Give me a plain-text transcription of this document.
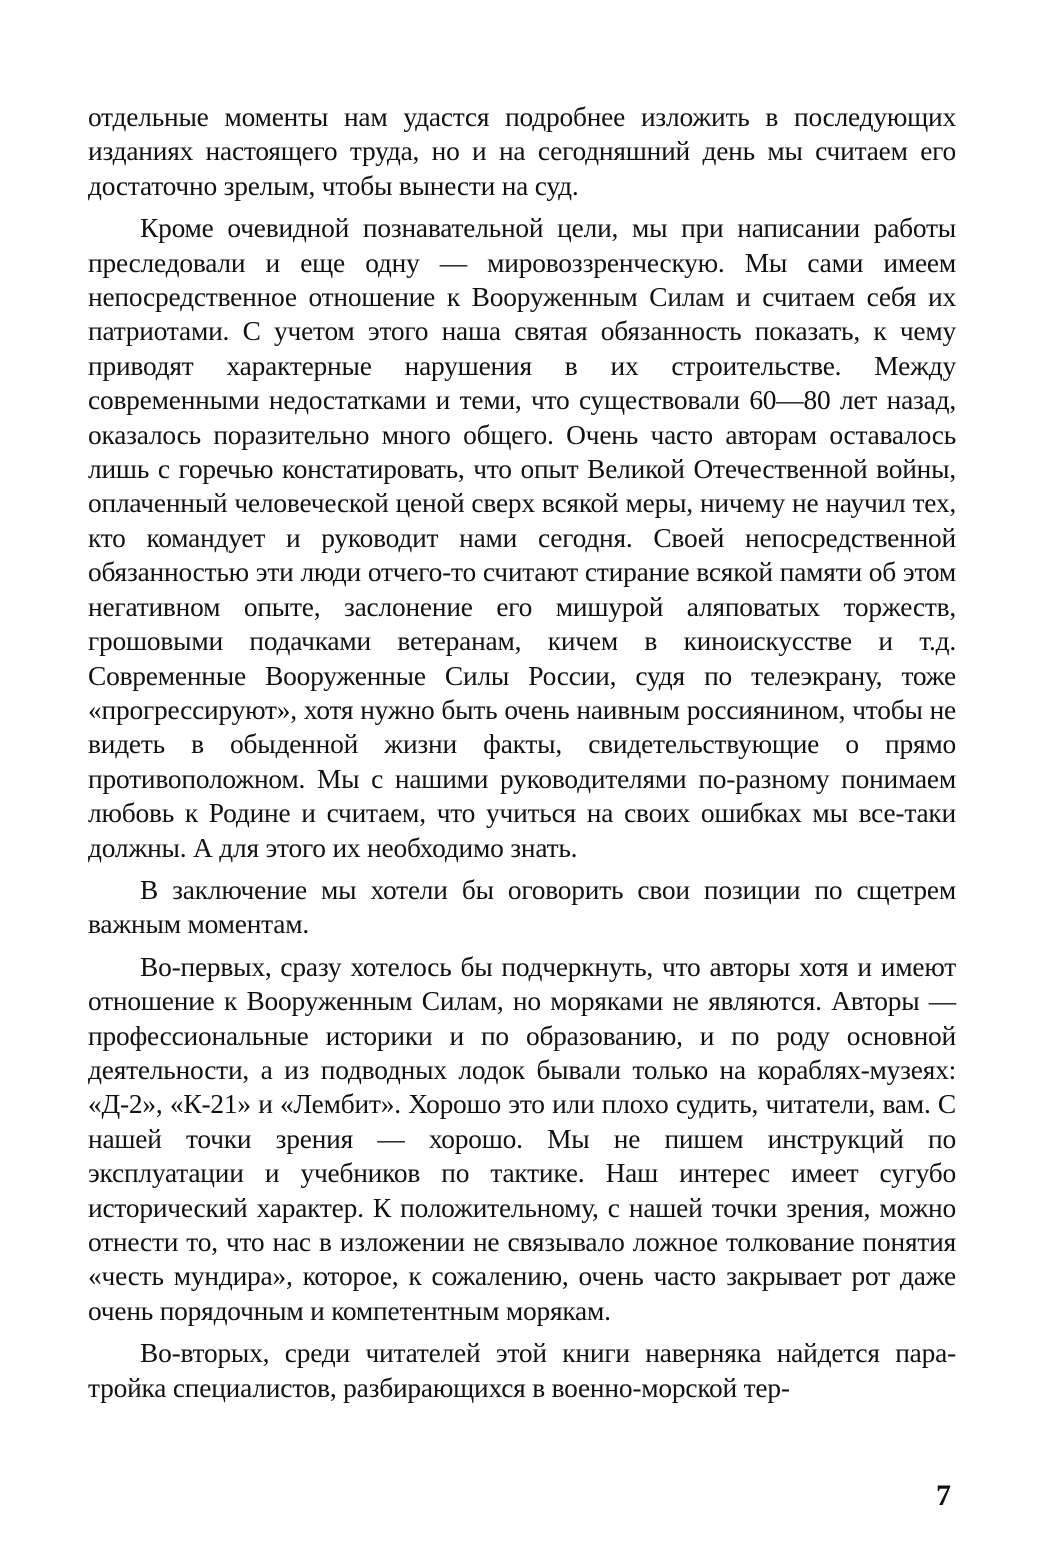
отдельные моменты нам удастся подробнее изложить в последующих изданиях настоящего труда, но и на сегодняшний день мы считаем его достаточно зрелым, чтобы вынести на суд.

Кроме очевидной познавательной цели, мы при написании работы преследовали и еще одну — мировоззренческую. Мы сами имеем непосредственное отношение к Вооруженным Силам и считаем себя их патриотами. С учетом этого наша святая обязанность показать, к чему приводят характерные нарушения в их строительстве. Между современными недостатками и теми, что существовали 60—80 лет назад, оказалось поразительно много общего. Очень часто авторам оставалось лишь с горечью констатировать, что опыт Великой Отечественной войны, оплаченный человеческой ценой сверх всякой меры, ничему не научил тех, кто командует и руководит нами сегодня. Своей непосредственной обязанностью эти люди отчего-то считают стирание всякой памяти об этом негативном опыте, заслонение его мишурой аляповатых торжеств, грошовыми подачками ветеранам, кичем в киноискусстве и т.д. Современные Вооруженные Силы России, судя по телеэкрану, тоже «прогрессируют», хотя нужно быть очень наивным россиянином, чтобы не видеть в обыденной жизни факты, свидетельствующие о прямо противоположном. Мы с нашими руководителями по-разному понимаем любовь к Родине и считаем, что учиться на своих ошибках мы все-таки должны. А для этого их необходимо знать.

В заключение мы хотели бы оговорить свои позиции по сщетрем важным моментам.

Во-первых, сразу хотелось бы подчеркнуть, что авторы хотя и имеют отношение к Вооруженным Силам, но моряками не являются. Авторы — профессиональные историки и по образованию, и по роду основной деятельности, а из подводных лодок бывали только на кораблях-музеях: «Д-2», «К-21» и «Лембит». Хорошо это или плохо судить, читатели, вам. С нашей точки зрения — хорошо. Мы не пишем инструкций по эксплуатации и учебников по тактике. Наш интерес имеет сугубо исторический характер. К положительному, с нашей точки зрения, можно отнести то, что нас в изложении не связывало ложное толкование понятия «честь мундира», которое, к сожалению, очень часто закрывает рот даже очень порядочным и компетентным морякам.

Во-вторых, среди читателей этой книги наверняка найдется пара-тройка специалистов, разбирающихся в военно-морской тер-

7
